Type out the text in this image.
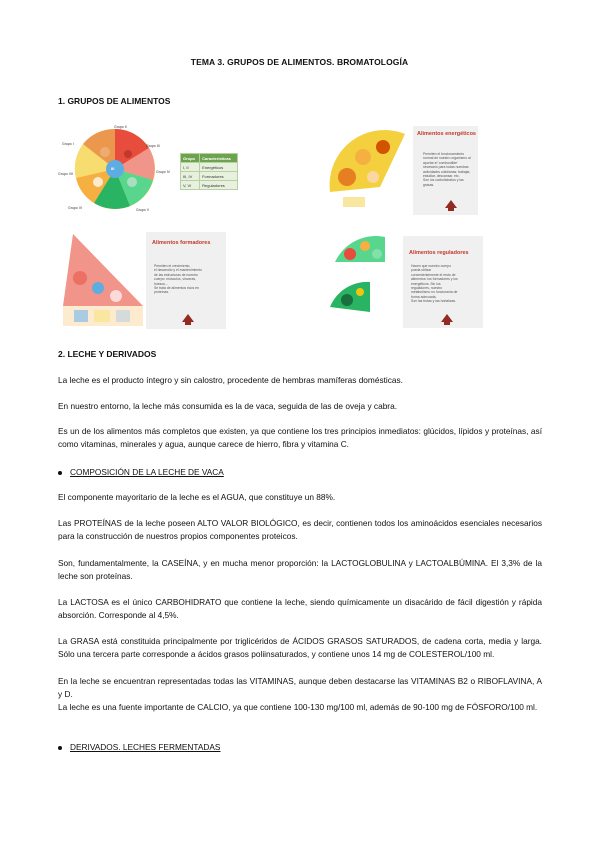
TEMA 3. GRUPOS DE ALIMENTOS. BROMATOLOGÍA
1. GRUPOS DE ALIMENTOS
Grupo II
Grupo III
Grupo IV
Grupo V
Grupo VI
Grupo I
Grupo VII
III
Grupo	Características
I, II	Energéticos
III, IV	Formadores
V, VI	Reguladores
Alimentos energéticos
Permiten el funcionamiento
normal de nuestro organismo al
aportar el 'combustible'
necesario para todas nuestras
actividades cotidianas: trabajar,
estudiar, descansar, etc.
Son los carbohidratos y las
grasas.
Alimentos formadores
Permiten el crecimiento,
el desarrollo y el mantenimiento
de las estructuras de nuestro
cuerpo: músculos, vísceras,
huesos...
Se trata de alimentos ricos en
proteínas.
Alimentos reguladores
Hacen que nuestro cuerpo
pueda utilizar
convenientemente el resto de
alimentos: los formadores y los
energéticos. Sin los
reguladores, nuestro
metabolismo no funcionaría de
forma adecuada.
Son las frutas y las hortalizas.
2. LECHE Y DERIVADOS
La leche es el producto íntegro y sin calostro, procedente de hembras mamíferas domésticas.
En nuestro entorno, la leche más consumida es la de vaca, seguida de las de oveja y cabra.
Es un de los alimentos más completos que existen, ya que contiene los tres principios inmediatos: glúcidos, lípidos y proteínas, así como vitaminas, minerales y agua, aunque carece de hierro, fibra y vitamina C.
COMPOSICIÓN DE LA LECHE DE VACA
El componente mayoritario de la leche es el AGUA, que constituye un 88%.
Las PROTEÍNAS de la leche poseen ALTO VALOR BIOLÓGICO, es decir, contienen todos los aminoácidos esenciales necesarios para la construcción de nuestros propios componentes proteicos.
Son, fundamentalmente, la CASEÍNA, y en mucha menor proporción: la LACTOGLOBULINA y LACTOALBÚMINA. El 3,3% de la leche son proteínas.
La LACTOSA es el único CARBOHIDRATO que contiene la leche, siendo químicamente un disacárido de fácil digestión y rápida absorción. Corresponde al 4,5%.
La GRASA está constituida principalmente por triglicéridos de ÁCIDOS GRASOS SATURADOS, de cadena corta, media y larga. Sólo una tercera parte corresponde a ácidos grasos poliinsaturados, y contiene unos 14 mg de COLESTEROL/100 ml.
En la leche se encuentran representadas todas las VITAMINAS, aunque deben destacarse las VITAMINAS B2 o RIBOFLAVINA, A y D.
La leche es una fuente importante de CALCIO, ya que contiene 100-130 mg/100 ml, además de 90-100 mg de FÓSFORO/100 ml.
DERIVADOS. LECHES FERMENTADAS
